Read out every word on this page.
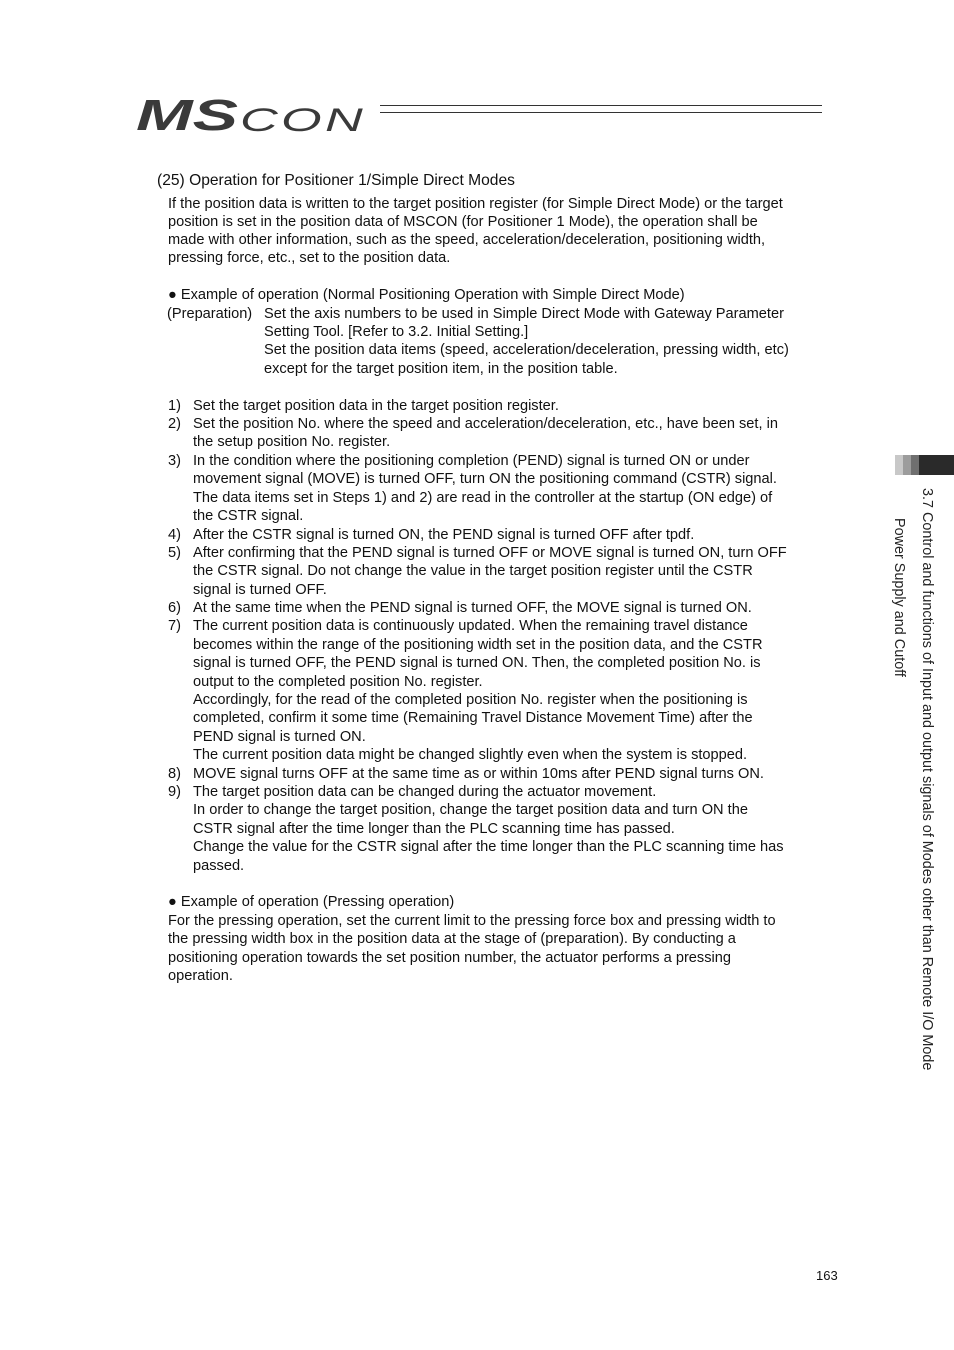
MS CON
(25) Operation for Positioner 1/Simple Direct Modes
If the position data is written to the target position register (for Simple Direct Mode) or the target
position is set in the position data of MSCON (for Positioner 1 Mode), the operation shall be
made with other information, such as the speed, acceleration/deceleration, positioning width,
pressing force, etc., set to the position data.
● Example of operation (Normal Positioning Operation with Simple Direct Mode)
(Preparation) Set the axis numbers to be used in Simple Direct Mode with Gateway Parameter
Setting Tool. [Refer to 3.2. Initial Setting.]
Set the position data items (speed, acceleration/deceleration, pressing width, etc)
except for the target position item, in the position table.
1) Set the target position data in the target position register.
2) Set the position No. where the speed and acceleration/deceleration, etc., have been set, in
the setup position No. register.
3) In the condition where the positioning completion (PEND) signal is turned ON or under
movement signal (MOVE) is turned OFF, turn ON the positioning command (CSTR) signal.
The data items set in Steps 1) and 2) are read in the controller at the startup (ON edge) of
the CSTR signal.
4) After the CSTR signal is turned ON, the PEND signal is turned OFF after tpdf.
5) After confirming that the PEND signal is turned OFF or MOVE signal is turned ON, turn OFF
the CSTR signal. Do not change the value in the target position register until the CSTR
signal is turned OFF.
6) At the same time when the PEND signal is turned OFF, the MOVE signal is turned ON.
7) The current position data is continuously updated. When the remaining travel distance
becomes within the range of the positioning width set in the position data, and the CSTR
signal is turned OFF, the PEND signal is turned ON. Then, the completed position No. is
output to the completed position No. register.
Accordingly, for the read of the completed position No. register when the positioning is
completed, confirm it some time (Remaining Travel Distance Movement Time) after the
PEND signal is turned ON.
The current position data might be changed slightly even when the system is stopped.
8) MOVE signal turns OFF at the same time as or within 10ms after PEND signal turns ON.
9) The target position data can be changed during the actuator movement.
In order to change the target position, change the target position data and turn ON the
CSTR signal after the time longer than the PLC scanning time has passed.
Change the value for the CSTR signal after the time longer than the PLC scanning time has
passed.
● Example of operation (Pressing operation)
For the pressing operation, set the current limit to the pressing force box and pressing width to
the pressing width box in the position data at the stage of (preparation). By conducting a
positioning operation towards the set position number, the actuator performs a pressing
operation.	3.7 Control and functions of Input and output signals of Modes other than Remote I/O Mode
Power Supply and Cutoff
163
